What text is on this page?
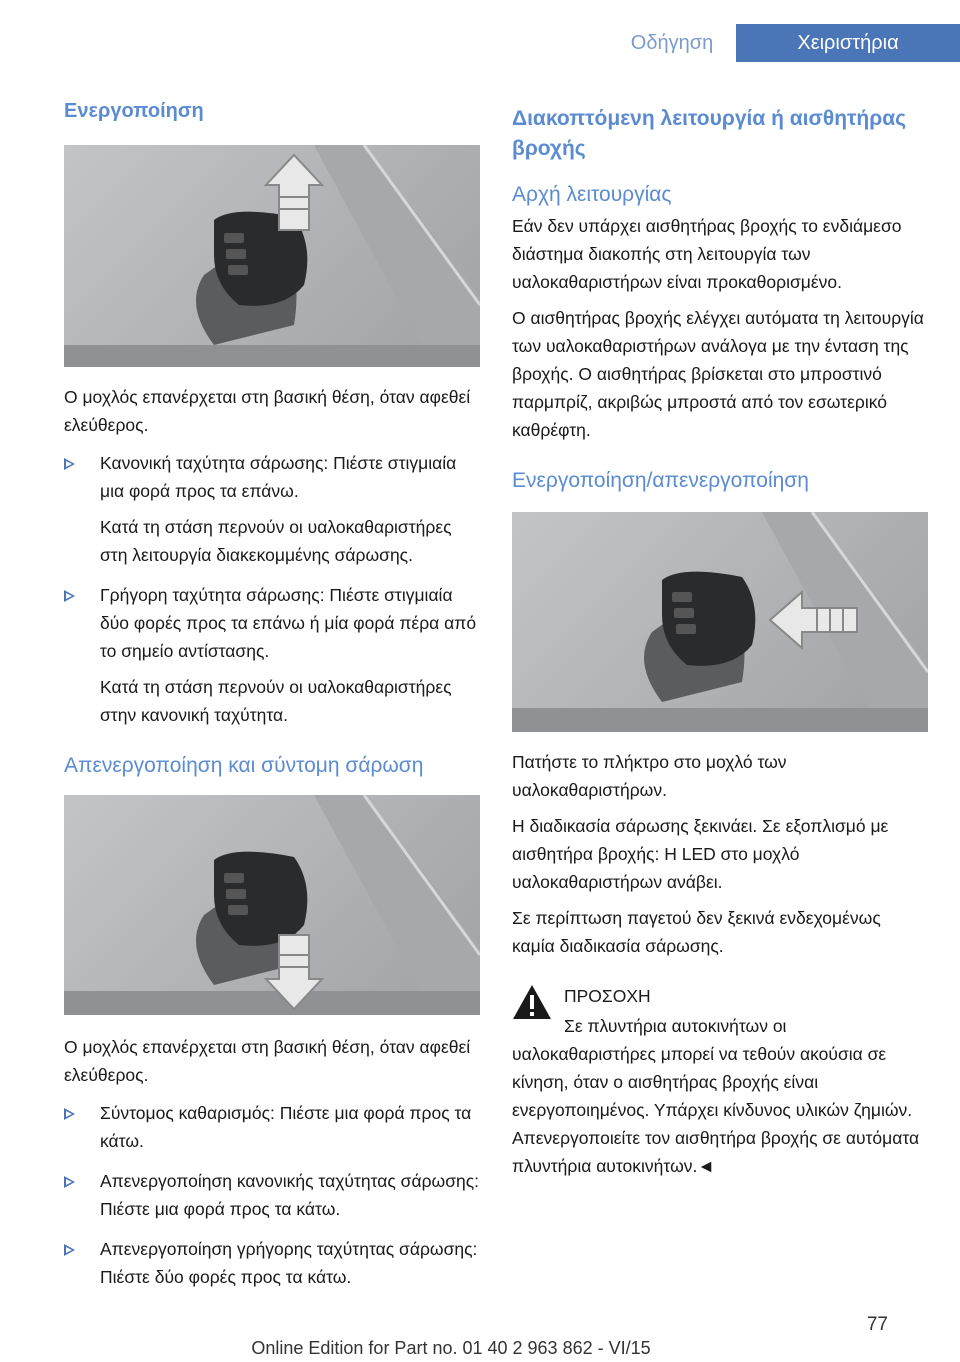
Οδήγηση	Χειριστήρια
Ενεργοποίηση

Ο μοχλός επανέρχεται στη βασική θέση, όταν αφεθεί ελεύθερος.

Κανονική ταχύτητα σάρωσης: Πιέστε στιγμιαία μια φορά προς τα επάνω.
Κατά τη στάση περνούν οι υαλοκαθαριστήρες στη λειτουργία διακεκομμένης σάρωσης.
Γρήγορη ταχύτητα σάρωσης: Πιέστε στιγμιαία δύο φορές προς τα επάνω ή μία φορά πέρα από το σημείο αντίστασης.
Κατά τη στάση περνούν οι υαλοκαθαριστήρες στην κανονική ταχύτητα.
Απενεργοποίηση και σύντομη σάρωση

Ο μοχλός επανέρχεται στη βασική θέση, όταν αφεθεί ελεύθερος.

Σύντομος καθαρισμός: Πιέστε μια φορά προς τα κάτω.
Απενεργοποίηση κανονικής ταχύτητας σάρωσης: Πιέστε μια φορά προς τα κάτω.
Απενεργοποίηση γρήγορης ταχύτητας σάρωσης: Πιέστε δύο φορές προς τα κάτω.
Διακοπτόμενη λειτουργία ή αισθητήρας βροχής
Αρχή λειτουργίας

Εάν δεν υπάρχει αισθητήρας βροχής το ενδιάμεσο διάστημα διακοπής στη λειτουργία των υαλοκαθαριστήρων είναι προκαθορισμένο.

Ο αισθητήρας βροχής ελέγχει αυτόματα τη λειτουργία των υαλοκαθαριστήρων ανάλογα με την ένταση της βροχής. Ο αισθητήρας βρίσκεται στο μπροστινό παρμπρίζ, ακριβώς μπροστά από τον εσωτερικό καθρέφτη.

Ενεργοποίηση/απενεργοποίηση

Πατήστε το πλήκτρο στο μοχλό των υαλοκαθαριστήρων.

Η διαδικασία σάρωσης ξεκινάει. Σε εξοπλισμό με αισθητήρα βροχής: Η LED στο μοχλό υαλοκαθαριστήρων ανάβει.

Σε περίπτωση παγετού δεν ξεκινά ενδεχομένως καμία διαδικασία σάρωσης.

ΠΡΟΣΟΧΗ

Σε πλυντήρια αυτοκινήτων οι υαλοκαθαριστήρες μπορεί να τεθούν ακούσια σε κίνηση, όταν ο αισθητήρας βροχής είναι ενεργοποιημένος. Υπάρχει κίνδυνος υλικών ζημιών. Απενεργοποιείτε τον αισθητήρα βροχής σε αυτόματα πλυντήρια αυτοκινήτων.◄

77
Online Edition for Part no. 01 40 2 963 862 - VI/15
